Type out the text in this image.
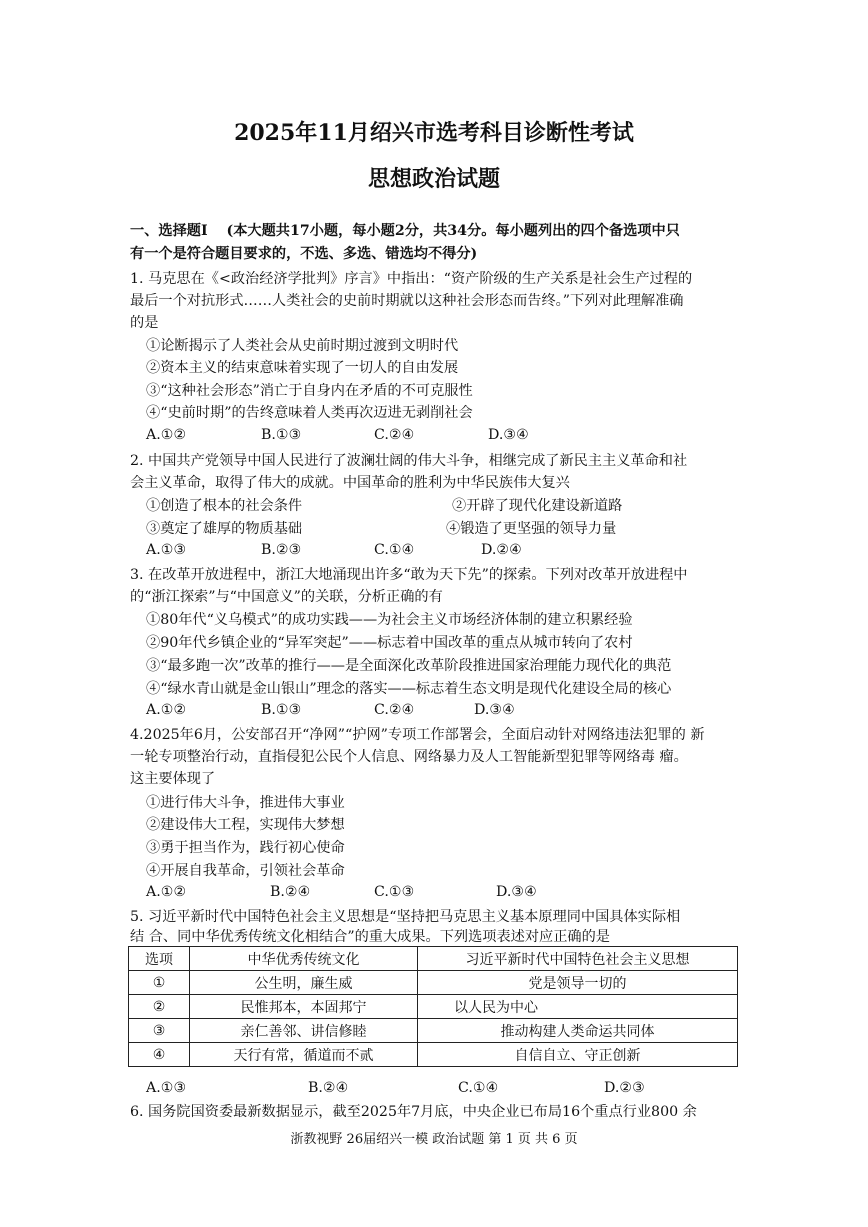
2025年11月绍兴市选考科目诊断性考试
思想政治试题
一、选择题I (本大题共17小题，每小题2分，共34分。每小题列出的四个备选项中只
有一个是符合题目要求的，不选、多选、错选均不得分)
1. 马克思在《<政治经济学批判》序言》中指出：“资产阶级的生产关系是社会生产过程的
最后一个对抗形式……人类社会的史前时期就以这种社会形态而告终。”下列对此理解准确
的是
①论断揭示了人类社会从史前时期过渡到文明时代
②资本主义的结束意味着实现了一切人的自由发展
③“这种社会形态”消亡于自身内在矛盾的不可克服性
④“史前时期”的告终意味着人类再次迈进无剥削社会
A.①②	B.①③	C.②④	D.③④
2. 中国共产党领导中国人民进行了波澜壮阔的伟大斗争，相继完成了新民主主义革命和社
会主义革命，取得了伟大的成就。中国革命的胜利为中华民族伟大复兴
①创造了根本的社会条件	②开辟了现代化建设新道路
③奠定了雄厚的物质基础	④锻造了更坚强的领导力量
A.①③	B.②③	C.①④	D.②④
3. 在改革开放进程中，浙江大地涌现出许多“敢为天下先”的探索。下列对改革开放进程中
的“浙江探索”与“中国意义”的关联，分析正确的有
①80年代“义乌模式”的成功实践——为社会主义市场经济体制的建立积累经验
②90年代乡镇企业的“异军突起”——标志着中国改革的重点从城市转向了农村
③“最多跑一次”改革的推行——是全面深化改革阶段推进国家治理能力现代化的典范
④“绿水青山就是金山银山”理念的落实——标志着生态文明是现代化建设全局的核心
A.①②	B.①③	C.②④	D.③④
4.2025年6月，公安部召开“净网”“护网”专项工作部署会，全面启动针对网络违法犯罪的 新
一轮专项整治行动，直指侵犯公民个人信息、网络暴力及人工智能新型犯罪等网络毒 瘤。
这主要体现了
①进行伟大斗争，推进伟大事业
②建设伟大工程，实现伟大梦想
③勇于担当作为，践行初心使命
④开展自我革命，引领社会革命
A.①②	B.②④	C.①③	D.③④
5. 习近平新时代中国特色社会主义思想是“坚持把马克思主义基本原理同中国具体实际相
结 合、同中华优秀传统文化相结合”的重大成果。下列选项表述对应正确的是
选项	中华优秀传统文化	习近平新时代中国特色社会主义思想
①	公生明，廉生威	党是领导一切的
②	民惟邦本，本固邦宁	以人民为中心
③	亲仁善邻、讲信修睦	推动构建人类命运共同体
④	天行有常，循道而不贰	自信自立、守正创新
A.①③	B.②④	C.①④	D.②③
6. 国务院国资委最新数据显示，截至2025年7月底，中央企业已布局16个重点行业800 余
浙教视野 26届绍兴一模 政治试题 第 1 页 共 6 页
